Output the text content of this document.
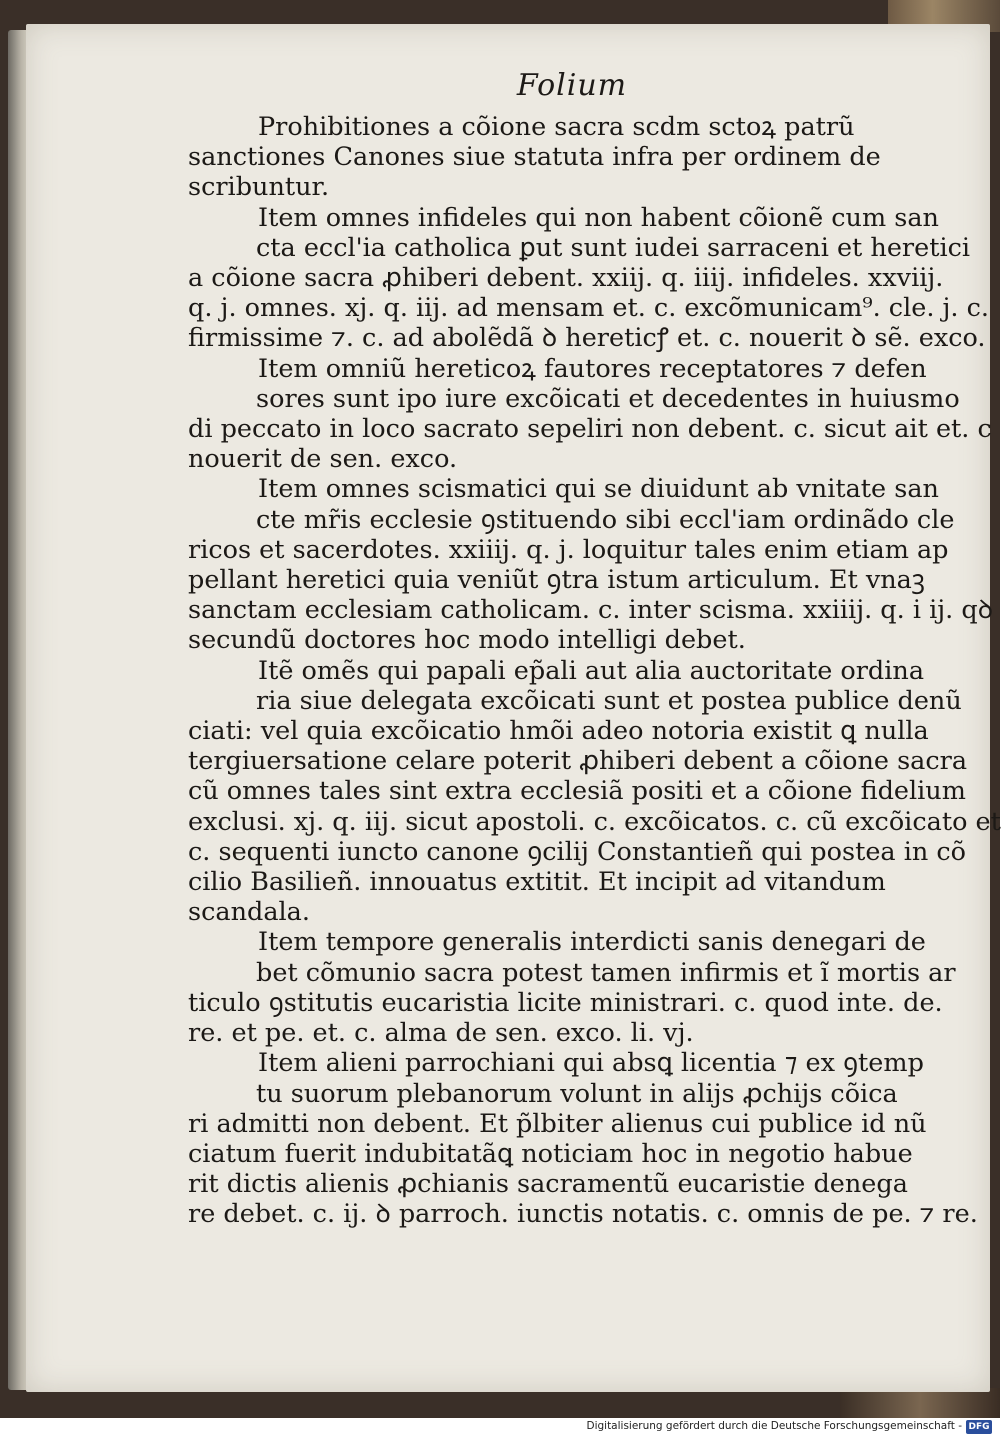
Folium
Prohibitiones a cõione sacra scdm sctoꝝ patrũ
sanctiones Canones siue statuta infra per ordinem de
scribuntur.
Item omnes infideles qui non habent cõionẽ cum san
cta eccl'ia catholica ꝑut sunt iudei sarraceni et heretici
a cõione sacra ꝓhiberi debent. xxiij. q. iiij. infideles. xxviij.
q. j. omnes. xj. q. iij. ad mensam et. c. excõmunicam⁹. cle. j. c.
firmissime ⁊. c. ad abolẽdã ꝺ hereticꝭ et. c. nouerit ꝺ sẽ. exco.
Item omniũ hereticoꝝ fautores receptatores ⁊ defen
sores sunt ipo iure excõicati et decedentes in huiusmo
di peccato in loco sacrato sepeliri non debent. c. sicut ait et. c
nouerit de sen. exco.
Item omnes scismatici qui se diuidunt ab vnitate san
cte mr̃is ecclesie ꝯstituendo sibi eccl'iam ordinãdo cle
ricos et sacerdotes. xxiiij. q. j. loquitur tales enim etiam ap
pellant heretici quia veniũt ꝯtra istum articulum. Et vnaꝫ
sanctam ecclesiam catholicam. c. inter scisma. xxiiij. q. i ij. qꝺ
secundũ doctores hoc modo intelligi debet.
Itẽ omẽs qui papali ep̃ali aut alia auctoritate ordina
ria siue delegata excõicati sunt et postea publice denũ
ciati: vel quia excõicatio hmõi adeo notoria existit ꝗ nulla
tergiuersatione celare poterit ꝓhiberi debent a cõione sacra
cũ omnes tales sint extra ecclesiã positi et a cõione fidelium
exclusi. xj. q. iij. sicut apostoli. c. excõicatos. c. cũ excõicato et
c. sequenti iuncto canone ꝯcilij Constantieñ qui postea in cõ
cilio Basilieñ. innouatus extitit. Et incipit ad vitandum
scandala.
Item tempore generalis interdicti sanis denegari de
bet cõmunio sacra potest tamen infirmis et ĩ mortis ar
ticulo ꝯstitutis eucaristia licite ministrari. c. quod inte. de.
re. et pe. et. c. alma de sen. exco. li. vj.
Item alieni parrochiani qui absꝗ licentia ⁊ ex ꝯtemp
tu suorum plebanorum volunt in alijs ꝓchijs cõica
ri admitti non debent. Et p̃lbiter alienus cui publice id nũ
ciatum fuerit indubitatãꝗ noticiam hoc in negotio habue
rit dictis alienis ꝓchianis sacramentũ eucaristie denega
re debet. c. ij. ꝺ parroch. iunctis notatis. c. omnis de pe. ⁊ re.
Digitalisierung gefördert durch die Deutsche Forschungsgemeinschaft - DFG
